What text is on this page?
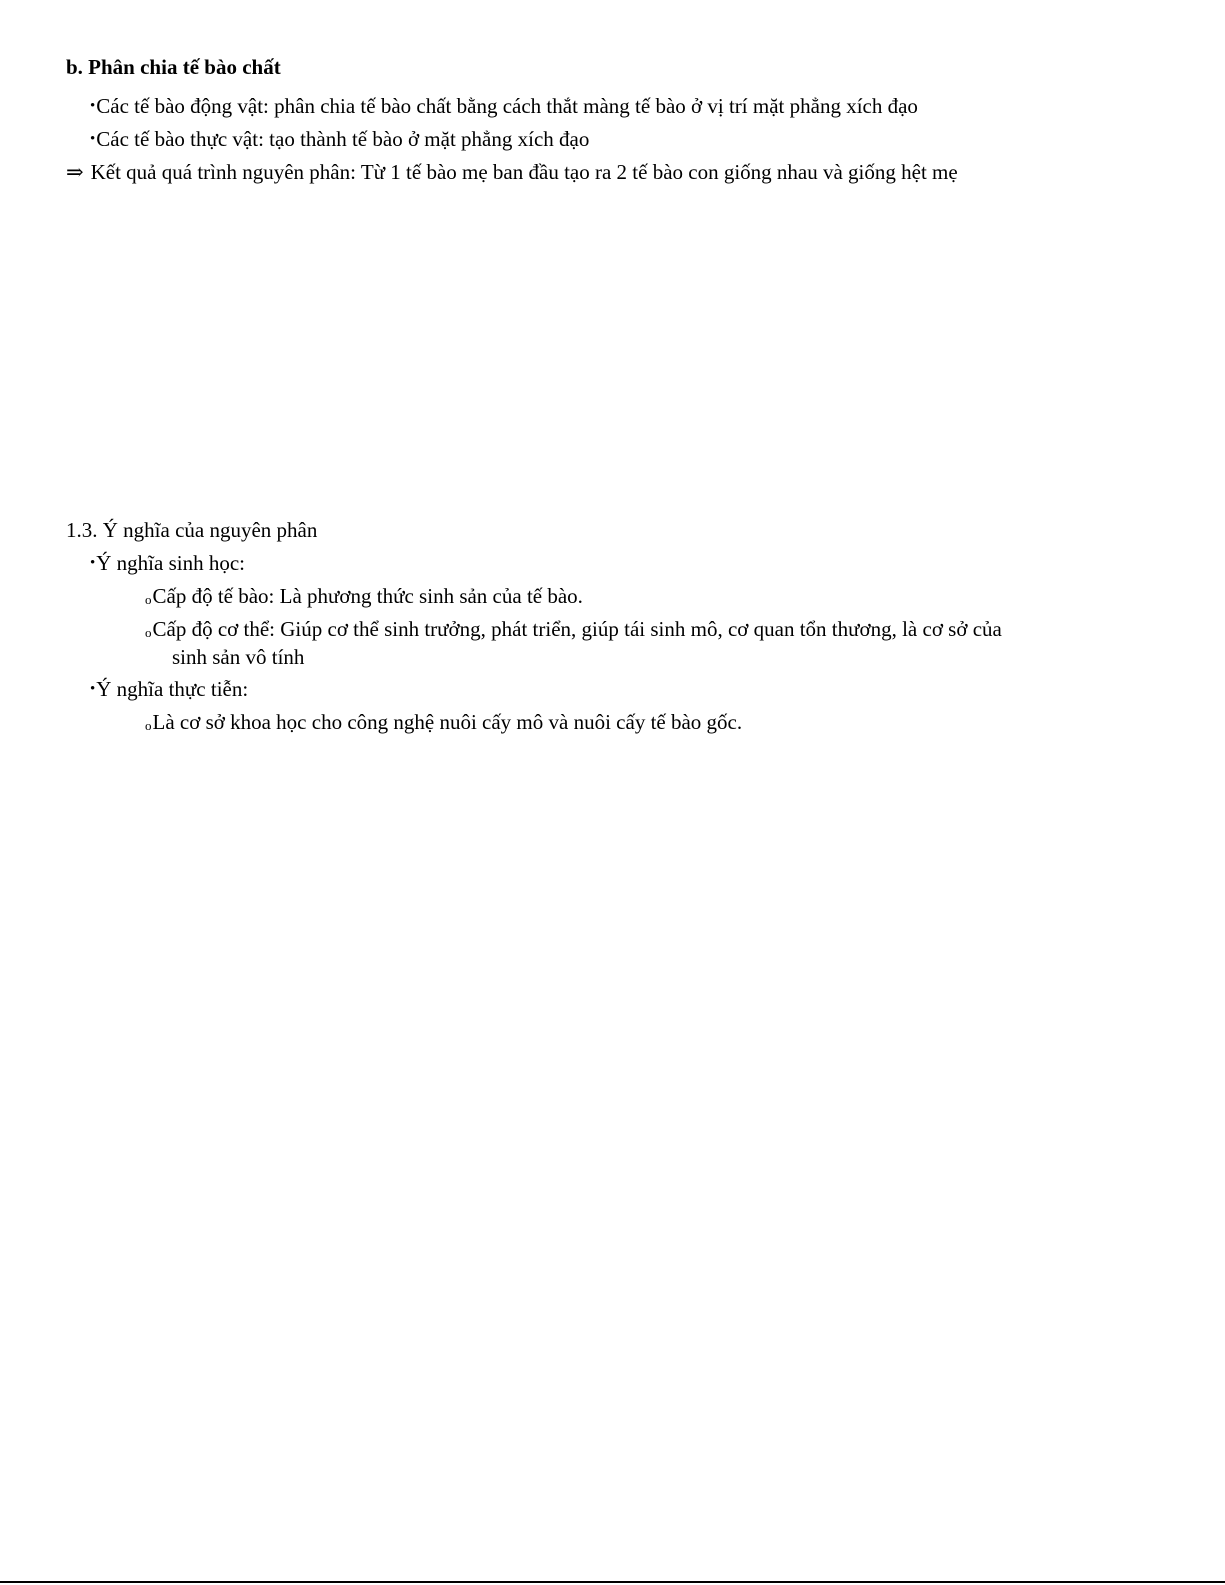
b. Phân chia tế bào chất
•Các tế bào động vật: phân chia tế bào chất bằng cách thắt màng tế bào ở vị trí mặt phẳng xích đạo
•Các tế bào thực vật: tạo thành tế bào ở mặt phẳng xích đạo
⇒ Kết quả quá trình nguyên phân: Từ 1 tế bào mẹ ban đầu tạo ra 2 tế bào con giống nhau và giống hệt mẹ
1.3. Ý nghĩa của nguyên phân
•Ý nghĩa sinh học:
oCấp độ tế bào: Là phương thức sinh sản của tế bào.
oCấp độ cơ thể: Giúp cơ thể sinh trưởng, phát triển, giúp tái sinh mô, cơ quan tổn thương, là cơ sở của
sinh sản vô tính
•Ý nghĩa thực tiễn:
oLà cơ sở khoa học cho công nghệ nuôi cấy mô và nuôi cấy tế bào gốc.
